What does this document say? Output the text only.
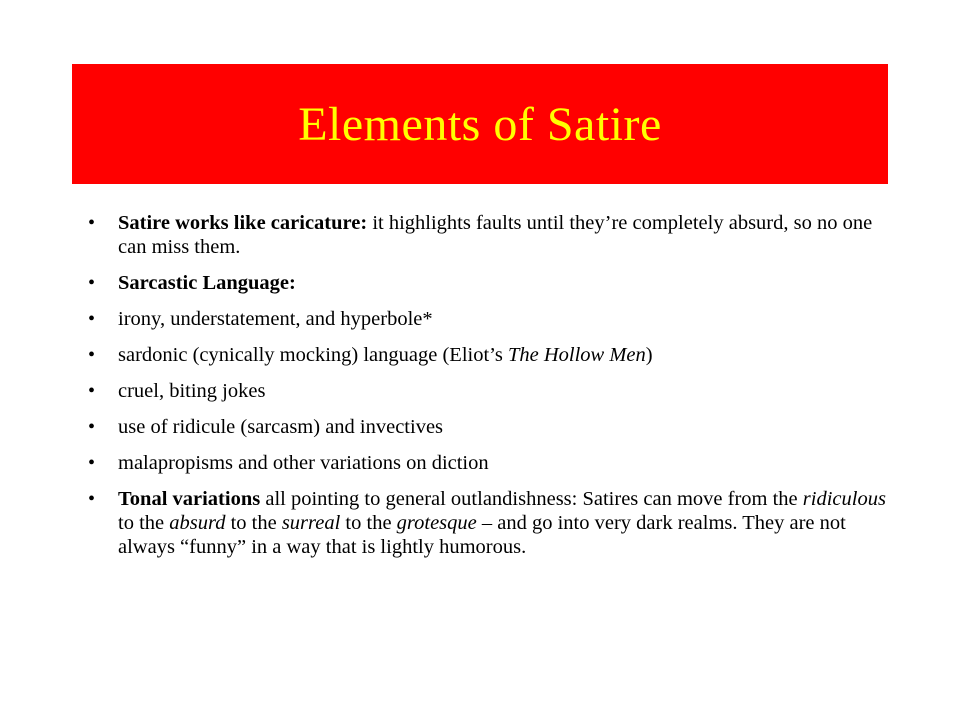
Elements of Satire
• Satire works like caricature: it highlights faults until they’re completely absurd, so no one can miss them.
• Sarcastic Language:
• irony, understatement, and hyperbole*
• sardonic (cynically mocking) language (Eliot’s The Hollow Men)
• cruel, biting jokes
• use of ridicule (sarcasm) and invectives
• malapropisms and other variations on diction
• Tonal variations all pointing to general outlandishness: Satires can move from the ridiculous to the absurd to the surreal to the grotesque – and go into very dark realms. They are not always “funny” in a way that is lightly humorous.
